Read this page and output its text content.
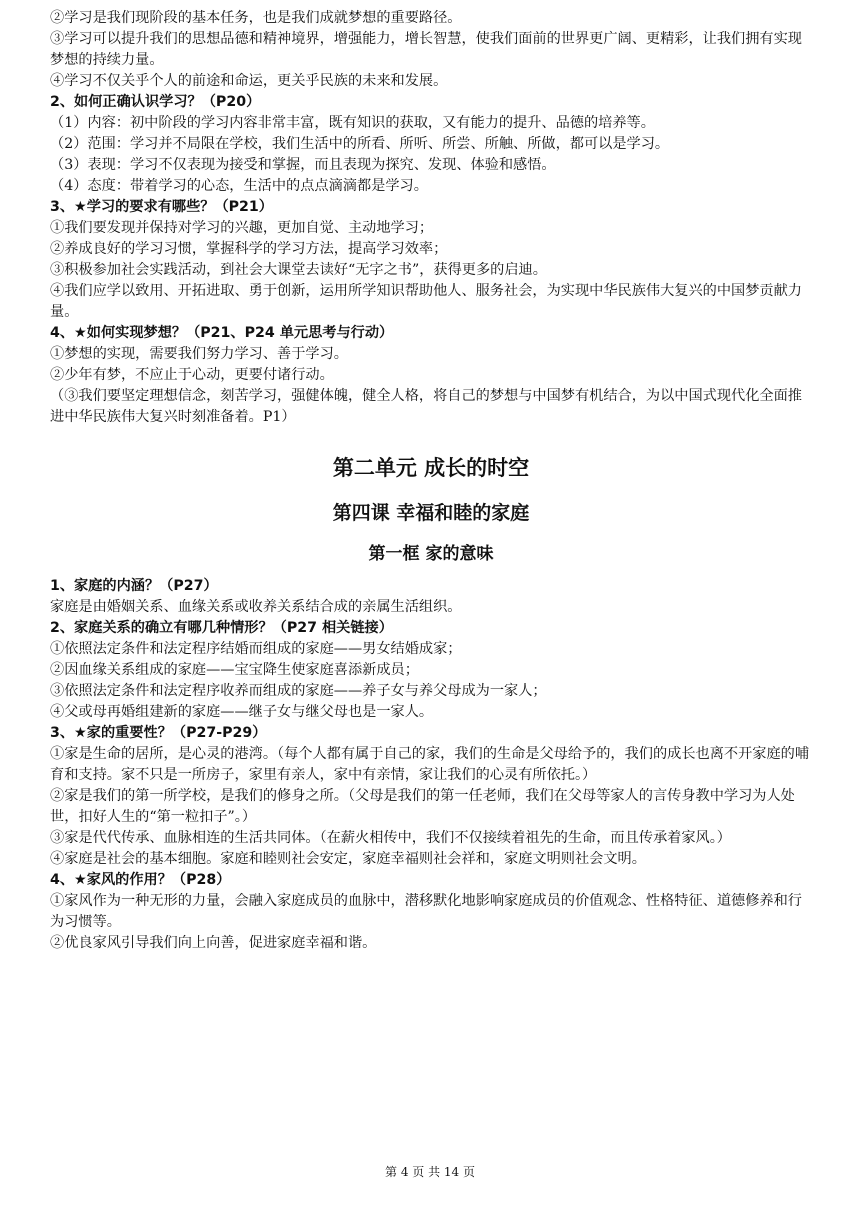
②学习是我们现阶段的基本任务，也是我们成就梦想的重要路径。

③学习可以提升我们的思想品德和精神境界，增强能力，增长智慧，使我们面前的世界更广阔、更精彩，让我们拥有实现梦想的持续力量。

④学习不仅关乎个人的前途和命运，更关乎民族的未来和发展。

2、如何正确认识学习？（P20）

（1）内容：初中阶段的学习内容非常丰富，既有知识的获取，又有能力的提升、品德的培养等。

（2）范围：学习并不局限在学校，我们生活中的所看、所听、所尝、所触、所做，都可以是学习。

（3）表现：学习不仅表现为接受和掌握，而且表现为探究、发现、体验和感悟。

（4）态度：带着学习的心态，生活中的点点滴滴都是学习。

3、★学习的要求有哪些？（P21）

①我们要发现并保持对学习的兴趣，更加自觉、主动地学习；

②养成良好的学习习惯，掌握科学的学习方法，提高学习效率；

③积极参加社会实践活动，到社会大课堂去读好“无字之书”，获得更多的启迪。

④我们应学以致用、开拓进取、勇于创新，运用所学知识帮助他人、服务社会，为实现中华民族伟大复兴的中国梦贡献力量。

4、★如何实现梦想？（P21、P24 单元思考与行动）

①梦想的实现，需要我们努力学习、善于学习。

②少年有梦，不应止于心动，更要付诸行动。

（③我们要坚定理想信念，刻苦学习，强健体魄，健全人格，将自己的梦想与中国梦有机结合，为以中国式现代化全面推进中华民族伟大复兴时刻准备着。P1）

第二单元 成长的时空

第四课 幸福和睦的家庭

第一框 家的意味

1、家庭的内涵？（P27）

家庭是由婚姻关系、血缘关系或收养关系结合成的亲属生活组织。

2、家庭关系的确立有哪几种情形？（P27 相关链接）

①依照法定条件和法定程序结婚而组成的家庭——男女结婚成家；

②因血缘关系组成的家庭——宝宝降生使家庭喜添新成员；

③依照法定条件和法定程序收养而组成的家庭——养子女与养父母成为一家人；

④父或母再婚组建新的家庭——继子女与继父母也是一家人。

3、★家的重要性？（P27-P29）

①家是生命的居所，是心灵的港湾。（每个人都有属于自己的家，我们的生命是父母给予的，我们的成长也离不开家庭的哺育和支持。家不只是一所房子，家里有亲人，家中有亲情，家让我们的心灵有所依托。）

②家是我们的第一所学校，是我们的修身之所。（父母是我们的第一任老师，我们在父母等家人的言传身教中学习为人处世，扣好人生的“第一粒扣子”。）

③家是代代传承、血脉相连的生活共同体。（在薪火相传中，我们不仅接续着祖先的生命，而且传承着家风。）

④家庭是社会的基本细胞。家庭和睦则社会安定，家庭幸福则社会祥和，家庭文明则社会文明。

4、★家风的作用？（P28）

①家风作为一种无形的力量，会融入家庭成员的血脉中，潜移默化地影响家庭成员的价值观念、性格特征、道德修养和行为习惯等。

②优良家风引导我们向上向善，促进家庭幸福和谐。

第 4 页 共 14 页
